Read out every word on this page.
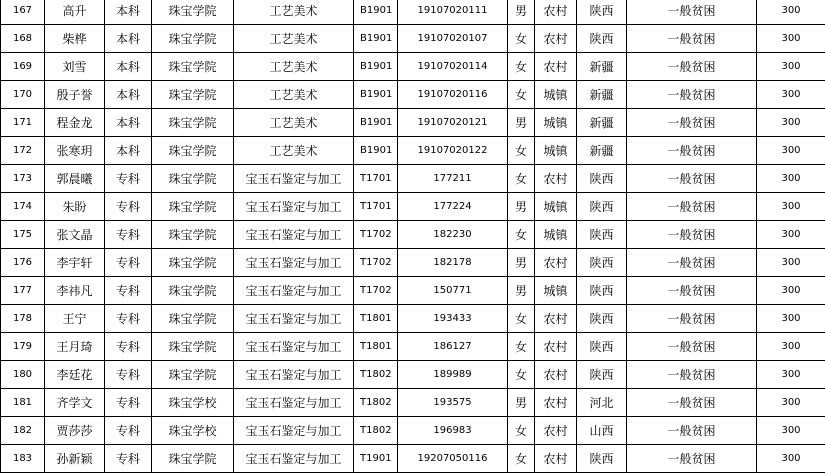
167	高升	本科	珠宝学院	工艺美术	B1901	19107020111	男	农村	陕西	一般贫困	300
168	柴桦	本科	珠宝学院	工艺美术	B1901	19107020107	女	农村	陕西	一般贫困	300
169	刘雪	本科	珠宝学院	工艺美术	B1901	19107020114	女	农村	新疆	一般贫困	300
170	殷子誉	本科	珠宝学院	工艺美术	B1901	19107020116	女	城镇	新疆	一般贫困	300
171	程金龙	本科	珠宝学院	工艺美术	B1901	19107020121	男	城镇	新疆	一般贫困	300
172	张寒玥	本科	珠宝学院	工艺美术	B1901	19107020122	女	城镇	新疆	一般贫困	300
173	郭晨曦	专科	珠宝学院	宝玉石鉴定与加工	T1701	177211	女	农村	陕西	一般贫困	300
174	朱盼	专科	珠宝学院	宝玉石鉴定与加工	T1701	177224	男	城镇	陕西	一般贫困	300
175	张文晶	专科	珠宝学院	宝玉石鉴定与加工	T1702	182230	女	城镇	陕西	一般贫困	300
176	李宇轩	专科	珠宝学院	宝玉石鉴定与加工	T1702	182178	男	农村	陕西	一般贫困	300
177	李祎凡	专科	珠宝学院	宝玉石鉴定与加工	T1702	150771	男	城镇	陕西	一般贫困	300
178	王宁	专科	珠宝学院	宝玉石鉴定与加工	T1801	193433	女	农村	陕西	一般贫困	300
179	王月琦	专科	珠宝学院	宝玉石鉴定与加工	T1801	186127	女	农村	陕西	一般贫困	300
180	李廷花	专科	珠宝学院	宝玉石鉴定与加工	T1802	189989	女	农村	陕西	一般贫困	300
181	齐学文	专科	珠宝学校	宝玉石鉴定与加工	T1802	193575	男	农村	河北	一般贫困	300
182	贾莎莎	专科	珠宝学校	宝玉石鉴定与加工	T1802	196983	女	农村	山西	一般贫困	300
183	孙新颖	专科	珠宝学院	宝玉石鉴定与加工	T1901	19207050116	女	农村	陕西	一般贫困	300
